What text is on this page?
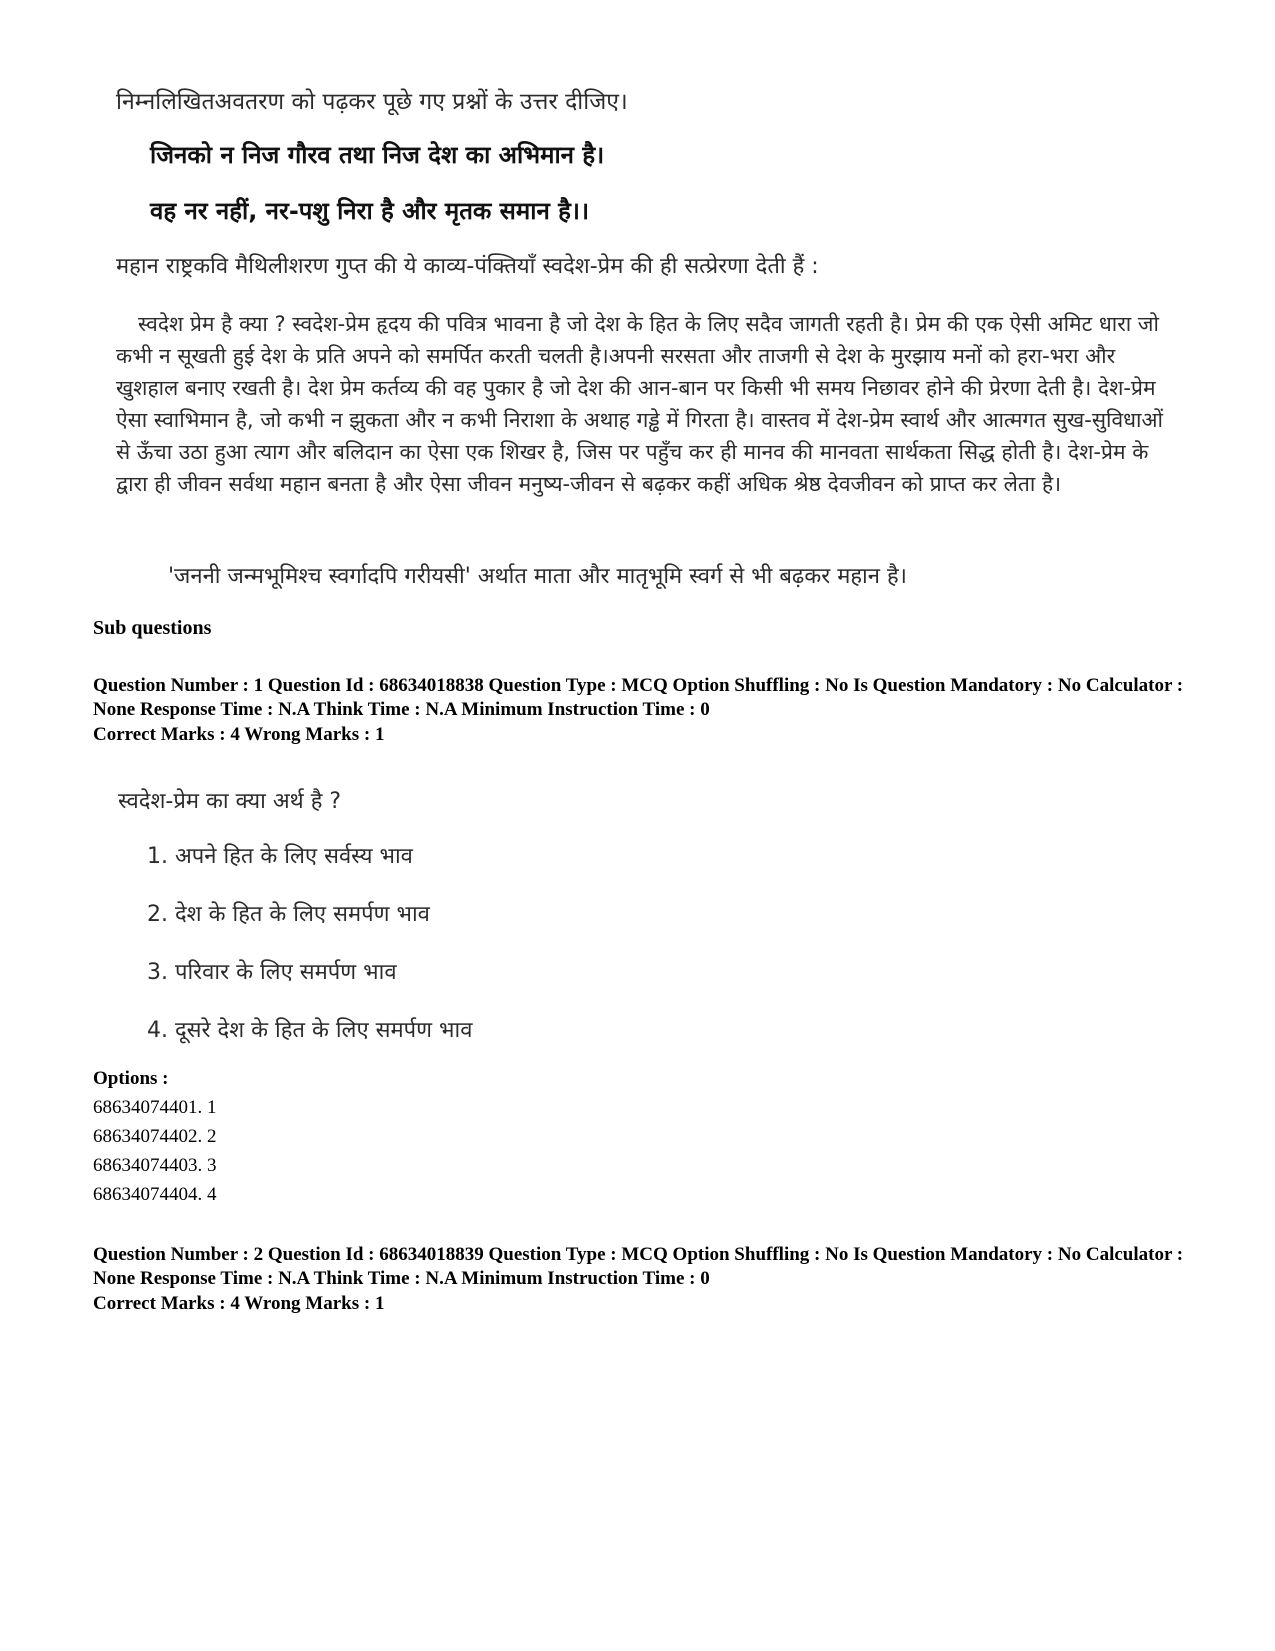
निम्नलिखितअवतरण को पढ़कर पूछे गए प्रश्नों के उत्तर दीजिए।
जिनको न निज गौरव तथा निज देश का अभिमान है।
वह नर नहीं, नर-पशु निरा है और मृतक समान है।।
महान राष्ट्रकवि मैथिलीशरण गुप्त की ये काव्य-पंक्तियाँ स्वदेश-प्रेम की ही सत्प्रेरणा देती हैं :
स्वदेश प्रेम है क्या ? स्वदेश-प्रेम हृदय की पवित्र भावना है जो देश के हित के लिए सदैव जागती रहती है। प्रेम की एक ऐसी अमिट धारा जो कभी न सूखती हुई देश के प्रति अपने को समर्पित करती चलती है।अपनी सरसता और ताजगी से देश के मुरझाय मनों को हरा-भरा और खुशहाल बनाए रखती है। देश प्रेम कर्तव्य की वह पुकार है जो देश की आन-बान पर किसी भी समय निछावर होने की प्रेरणा देती है। देश-प्रेम ऐसा स्वाभिमान है, जो कभी न झुकता और न कभी निराशा के अथाह गड्ढे में गिरता है। वास्तव में देश-प्रेम स्वार्थ और आत्मगत सुख-सुविधाओं से ऊँचा उठा हुआ त्याग और बलिदान का ऐसा एक शिखर है, जिस पर पहुँच कर ही मानव की मानवता सार्थकता सिद्ध होती है। देश-प्रेम के द्वारा ही जीवन सर्वथा महान बनता है और ऐसा जीवन मनुष्य-जीवन से बढ़कर कहीं अधिक श्रेष्ठ देवजीवन को प्राप्त कर लेता है।
'जननी जन्मभूमिश्च स्वर्गादपि गरीयसी' अर्थात माता और मातृभूमि स्वर्ग से भी बढ़कर महान है।
Sub questions
Question Number : 1 Question Id : 68634018838 Question Type : MCQ Option Shuffling : No Is Question Mandatory : No Calculator : None Response Time : N.A Think Time : N.A Minimum Instruction Time : 0
Correct Marks : 4 Wrong Marks : 1
स्वदेश-प्रेम का क्या अर्थ है ?
1. अपने हित के लिए सर्वस्य भाव
2. देश के हित के लिए समर्पण भाव
3. परिवार के लिए समर्पण भाव
4. दूसरे देश के हित के लिए समर्पण भाव
Options :
68634074401. 1
68634074402. 2
68634074403. 3
68634074404. 4
Question Number : 2 Question Id : 68634018839 Question Type : MCQ Option Shuffling : No Is Question Mandatory : No Calculator : None Response Time : N.A Think Time : N.A Minimum Instruction Time : 0
Correct Marks : 4 Wrong Marks : 1
